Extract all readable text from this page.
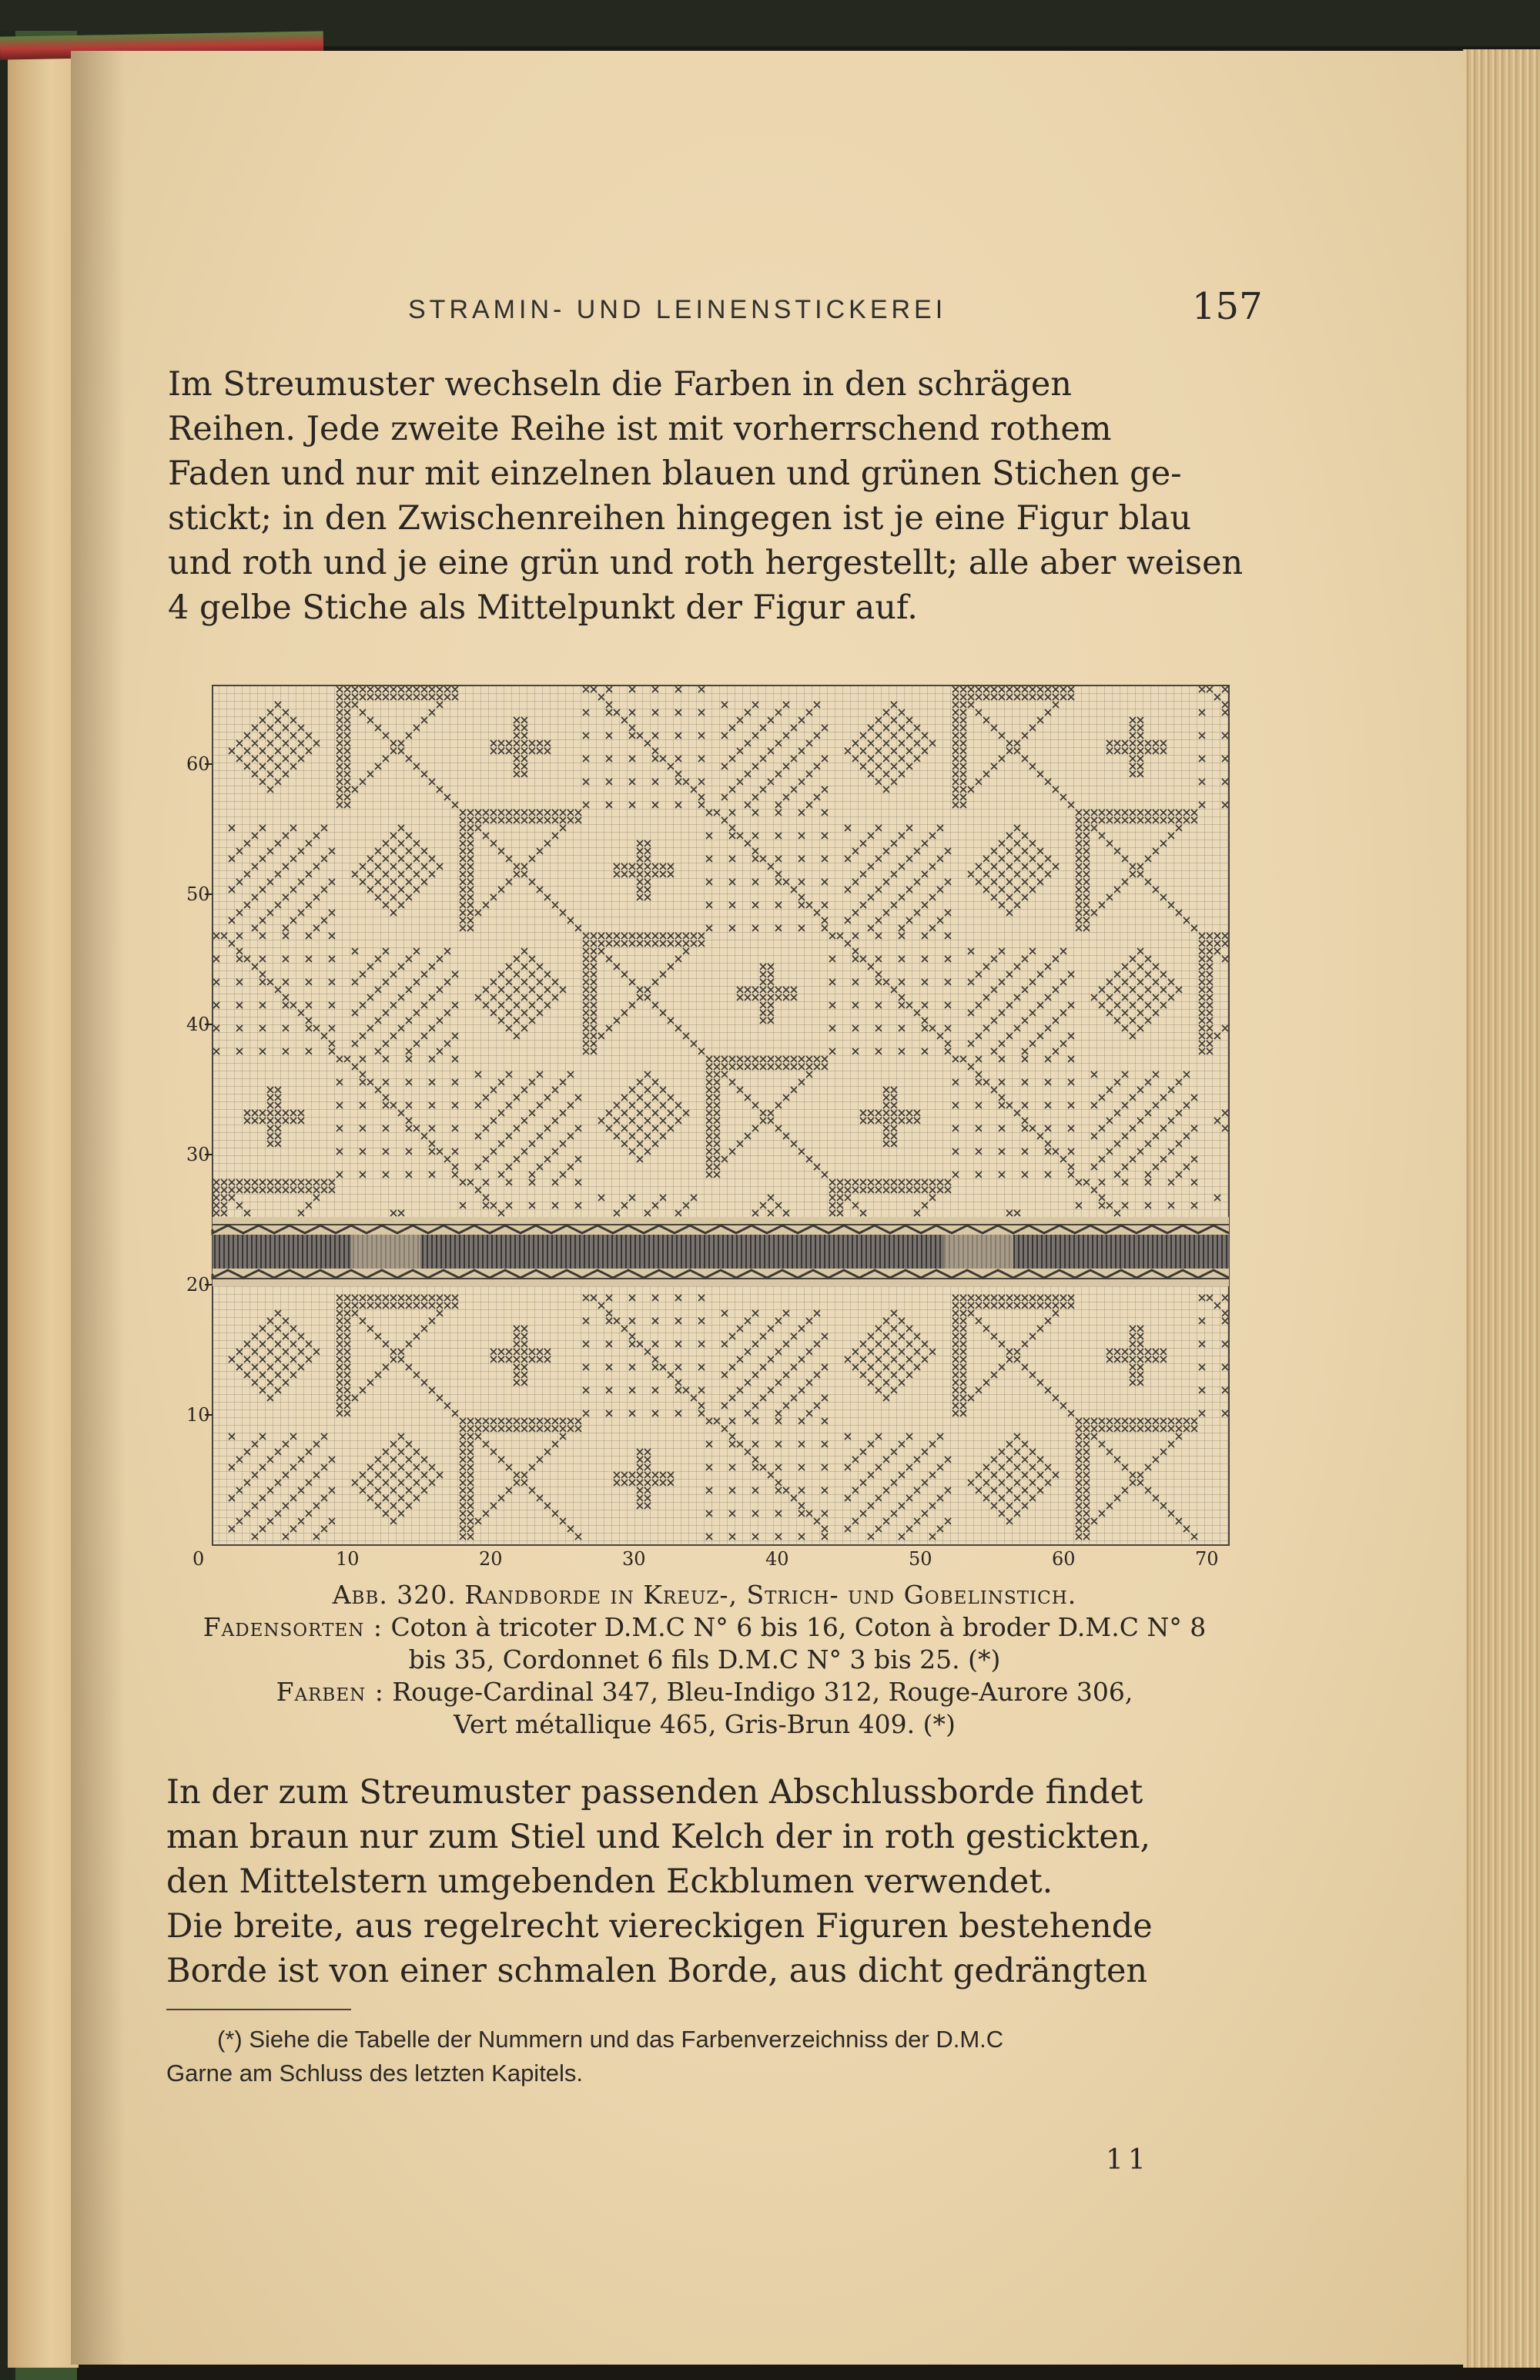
STRAMIN- UND LEINENSTICKEREI	157
Im Streumuster wechseln die Farben in den schrägen
Reihen. Jede zweite Reihe ist mit vorherrschend rothem
Faden und nur mit einzelnen blauen und grünen Stichen ge-
stickt; in den Zwischenreihen hingegen ist je eine Figur blau
und roth und je eine grün und roth hergestellt; alle aber weisen
4 gelbe Stiche als Mittelpunkt der Figur auf.
60
50
40
30
20
10
0	10	20	30	40	50	60	70
Abb. 320. Randborde in Kreuz-, Strich- und Gobelinstich.
Fadensorten : Coton à tricoter D.M.C N° 6 bis 16, Coton à broder D.M.C N° 8
bis 35, Cordonnet 6 fils D.M.C N° 3 bis 25. (*)
Farben : Rouge-Cardinal 347, Bleu-Indigo 312, Rouge-Aurore 306,
Vert métallique 465, Gris-Brun 409. (*)
In der zum Streumuster passenden Abschlussborde findet
man braun nur zum Stiel und Kelch der in roth gestickten,
den Mittelstern umgebenden Eckblumen verwendet.
Die breite, aus regelrecht viereckigen Figuren bestehende
Borde ist von einer schmalen Borde, aus dicht gedrängten
(*) Siehe die Tabelle der Nummern und das Farbenverzeichniss der D.M.C
Garne am Schluss des letzten Kapitels.
11
